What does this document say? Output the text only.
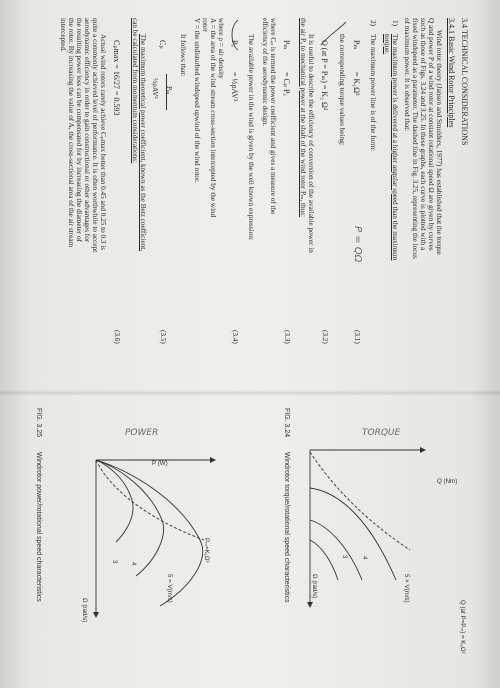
3.4 TECHNICAL CONSIDERATIONS
3.4.1 Basic Wind Rotor Principles
Wind rotor theory (Jansen and Smulders, 1977) has established that the torque
Q and power P of a wind rotor at constant rotational speed Ω are given by curves
such as those of Figs. 3.24 and 3.25. In these graphs, each curve is plotted with a
fixed windspeed as a parameter. The dashed line in Fig. 3.25, representing the locus
of maximum power. It is observed that:
1)
The maximum power is delivered at a higher angular speed than the maximum
torque.
2)
The maximum power line is of the form:
Pₘ
= K₁Ω³
P = QΩ
(3.1)
the corresponding torque values being:
Q (at P = Pₘ) = K₂ Ω²
(3.2)
It is useful to describe the efficiency of conversion of the available power in
the air Pₐ to mechanical power at the shaft of the wind rotor Pₘ, thus:
Pₘ
= Cₚ Pₐ
(3.3)
where Cₚ is termed the power coefficient and gives a measure of the
efficiency of the aerodynamic design.
The available power in the wind is given by the well known expression:
Pₐ
= ½ρAV³
(3.4)
where ρ = air density
A = the area of the wind stream cross-section intercepted by the wind
rotor
V = the undisturbed windspeed upwind of the wind rotor.
It follows that:
Cₚ
Pₘ
½ρAV³
(3.5)
The maximum theoretical power coefficient, known as the Betz coefficient,
can be calculated from momentum considerations:
Cₚmax = 16/27 = 0.593
(3.6)
Actual wind rotors rarely achieve Cₚmax better than 0.45 and 0.25 to 0.3 is
quite a commonly achieved level of performance. It is often worthwhile to accept
aerodynamic efficiency in order to gain constructional or other advantages for
the resulting power loss can be compensated for by increasing the diameter of
the rotor. By increasing the value of A, the cross-sectional area of the air stream
intercepted.
TORQUE
Q (Nm)
Ω (rad/s)
Q (at P=Pₘ) = K₂Ω²
5 × V(m/s)
4
3
FIG. 3.24
Windrotor torque/rotational speed characteristics
POWER
P (W)
Ω (rad/s)
Pₘ=K₁Ω³
5 = V(m/s)
4
3
FIG. 3.25
Windrotor power/rotational speed characteristics
